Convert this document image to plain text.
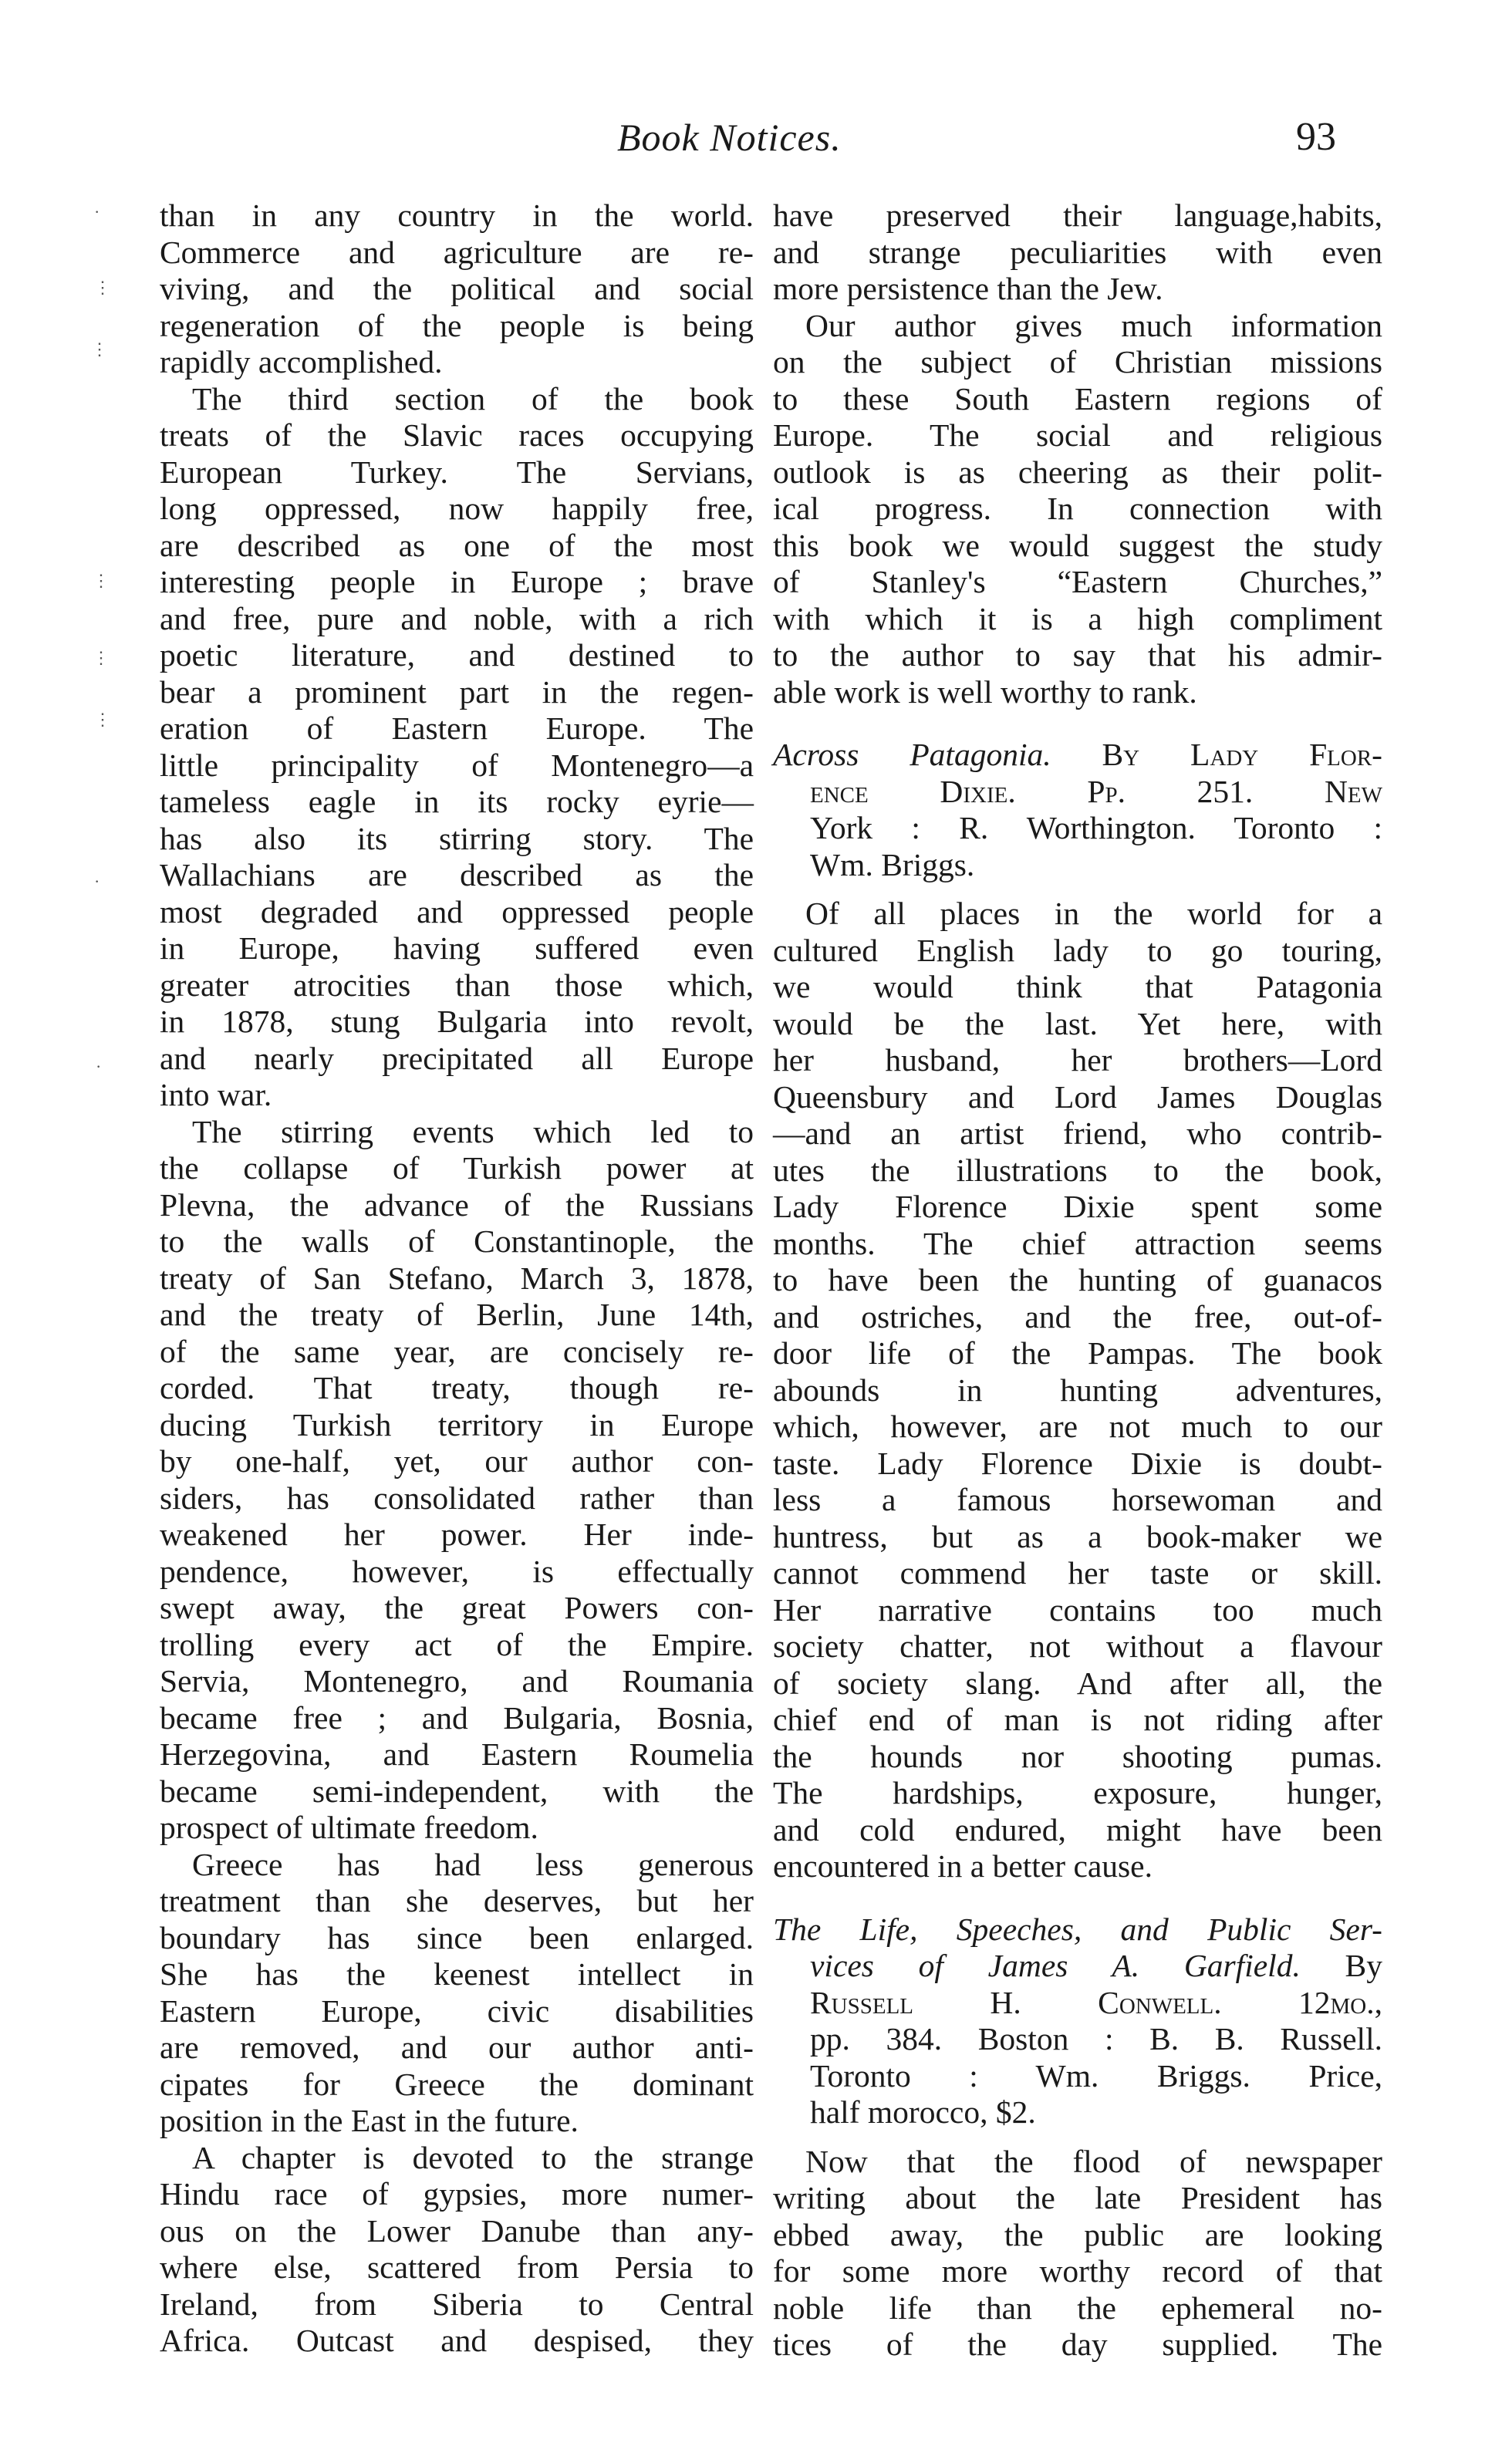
Book Notices.	93
than in any country in the world.
Commerce and agriculture are re-
viving, and the political and social
regeneration of the people is being
rapidly accomplished.
The third section of the book
treats of the Slavic races occupying
European Turkey. The Servians,
long oppressed, now happily free,
are described as one of the most
interesting people in Europe ; brave
and free, pure and noble, with a rich
poetic literature, and destined to
bear a prominent part in the regen-
eration of Eastern Europe. The
little principality of Montenegro—a
tameless eagle in its rocky eyrie—
has also its stirring story. The
Wallachians are described as the
most degraded and oppressed people
in Europe, having suffered even
greater atrocities than those which,
in 1878, stung Bulgaria into revolt,
and nearly precipitated all Europe
into war.
The stirring events which led to
the collapse of Turkish power at
Plevna, the advance of the Russians
to the walls of Constantinople, the
treaty of San Stefano, March 3, 1878,
and the treaty of Berlin, June 14th,
of the same year, are concisely re-
corded. That treaty, though re-
ducing Turkish territory in Europe
by one-half, yet, our author con-
siders, has consolidated rather than
weakened her power. Her inde-
pendence, however, is effectually
swept away, the great Powers con-
trolling every act of the Empire.
Servia, Montenegro, and Roumania
became free ; and Bulgaria, Bosnia,
Herzegovina, and Eastern Roumelia
became semi-independent, with the
prospect of ultimate freedom.
Greece has had less generous
treatment than she deserves, but her
boundary has since been enlarged.
She has the keenest intellect in
Eastern Europe, civic disabilities
are removed, and our author anti-
cipates for Greece the dominant
position in the East in the future.
A chapter is devoted to the strange
Hindu race of gypsies, more numer-
ous on the Lower Danube than any-
where else, scattered from Persia to
Ireland, from Siberia to Central
Africa. Outcast and despised, they
have preserved their language,habits,
and strange peculiarities with even
more persistence than the Jew.
Our author gives much information
on the subject of Christian missions
to these South Eastern regions of
Europe. The social and religious
outlook is as cheering as their polit-
ical progress. In connection with
this book we would suggest the study
of Stanley's “Eastern Churches,”
with which it is a high compliment
to the author to say that his admir-
able work is well worthy to rank.
Across Patagonia. By Lady Flor-
ence Dixie. Pp. 251. New
York : R. Worthington. Toronto :
Wm. Briggs.
Of all places in the world for a
cultured English lady to go touring,
we would think that Patagonia
would be the last. Yet here, with
her husband, her brothers—Lord
Queensbury and Lord James Douglas
—and an artist friend, who contrib-
utes the illustrations to the book,
Lady Florence Dixie spent some
months. The chief attraction seems
to have been the hunting of guanacos
and ostriches, and the free, out-of-
door life of the Pampas. The book
abounds in hunting adventures,
which, however, are not much to our
taste. Lady Florence Dixie is doubt-
less a famous horsewoman and
huntress, but as a book-maker we
cannot commend her taste or skill.
Her narrative contains too much
society chatter, not without a flavour
of society slang. And after all, the
chief end of man is not riding after
the hounds nor shooting pumas.
The hardships, exposure, hunger,
and cold endured, might have been
encountered in a better cause.
The Life, Speeches, and Public Ser-
vices of James A. Garfield. By
Russell H. Conwell. 12mo.,
pp. 384. Boston : B. B. Russell.
Toronto : Wm. Briggs. Price,
half morocco, $2.
Now that the flood of newspaper
writing about the late President has
ebbed away, the public are looking
for some more worthy record of that
noble life than the ephemeral no-
tices of the day supplied. The
·
⋮
⋮
⋮
⋮
⋮
·
·
